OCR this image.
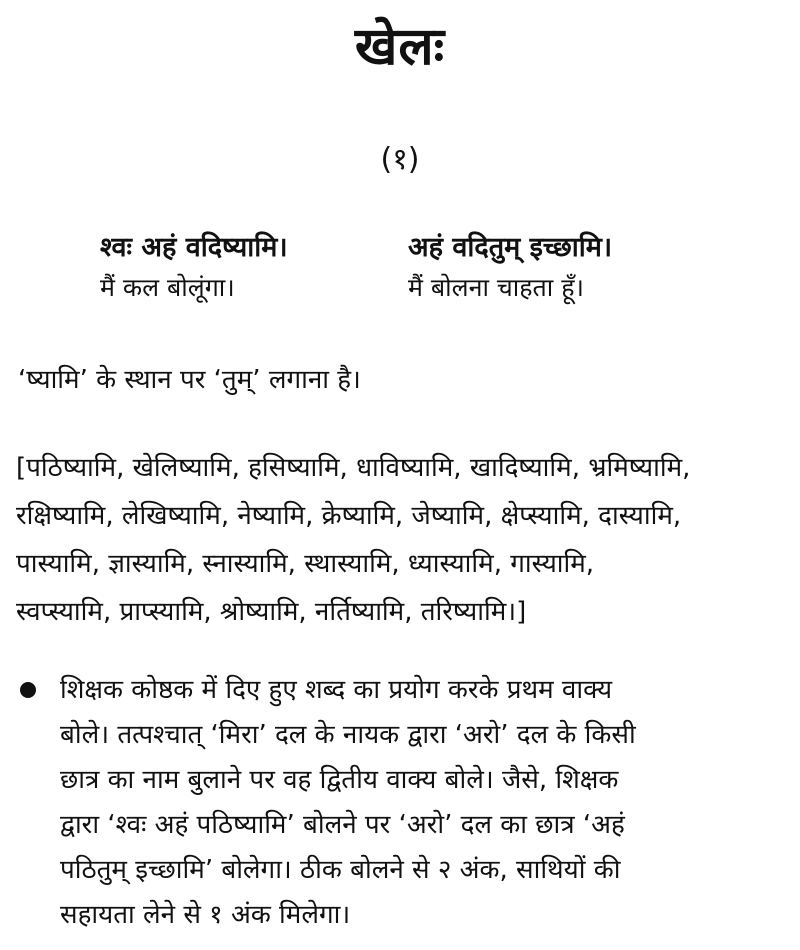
खेलः
(१)
श्वः अहं वदिष्यामि।
मैं कल बोलूंगा।
अहं वदितुम् इच्छामि।
मैं बोलना चाहता हूँ।
‘ष्यामि’ के स्थान पर ‘तुम्’ लगाना है।
[पठिष्यामि, खेलिष्यामि, हसिष्यामि, धाविष्यामि, खादिष्यामि, भ्रमिष्यामि,
रक्षिष्यामि, लेखिष्यामि, नेष्यामि, क्रेष्यामि, जेष्यामि, क्षेप्स्यामि, दास्यामि,
पास्यामि, ज्ञास्यामि, स्नास्यामि, स्थास्यामि, ध्यास्यामि, गास्यामि,
स्वप्स्यामि, प्राप्स्यामि, श्रोष्यामि, नर्तिष्यामि, तरिष्यामि।]
शिक्षक कोष्ठक में दिए हुए शब्द का प्रयोग करके प्रथम वाक्य
बोले। तत्पश्चात् ‘मिरा’ दल के नायक द्वारा ‘अरो’ दल के किसी
छात्र का नाम बुलाने पर वह द्वितीय वाक्य बोले। जैसे, शिक्षक
द्वारा ‘श्वः अहं पठिष्यामि’ बोलने पर ‘अरो’ दल का छात्र ‘अहं
पठितुम् इच्छामि’ बोलेगा। ठीक बोलने से २ अंक, साथियों की
सहायता लेने से १ अंक मिलेगा।
